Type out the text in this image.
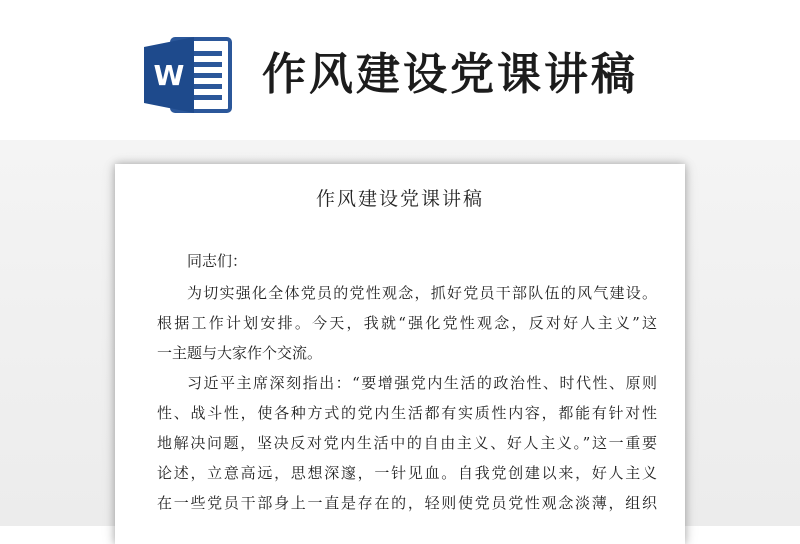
W 作风建设党课讲稿
作风建设党课讲稿

同志们：

为切实强化全体党员的党性观念，抓好党员干部队伍的风气建设。

根据工作计划安排。今天，我就“强化党性观念，反对好人主义”这

一主题与大家作个交流。

习近平主席深刻指出：“要增强党内生活的政治性、时代性、原则

性、战斗性，使各种方式的党内生活都有实质性内容，都能有针对性

地解决问题，坚决反对党内生活中的自由主义、好人主义。”这一重要

论述，立意高远，思想深邃，一针见血。自我党创建以来，好人主义

在一些党员干部身上一直是存在的，轻则使党员党性观念淡薄，组织
